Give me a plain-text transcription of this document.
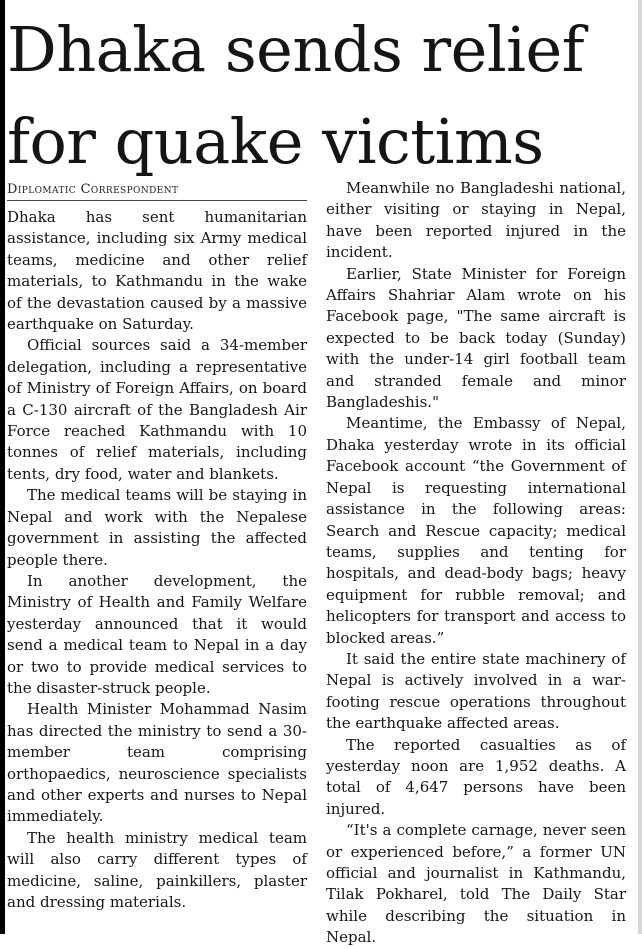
Dhaka sends relief for quake victims
Diplomatic Correspondent

Dhaka has sent humanitarian assistance, including six Army medical teams, medicine and other relief materials, to Kathmandu in the wake of the devastation caused by a massive earthquake on Saturday.

Official sources said a 34-member delegation, including a representative of Ministry of Foreign Affairs, on board a C-130 aircraft of the Bangladesh Air Force reached Kathmandu with 10 tonnes of relief materials, including tents, dry food, water and blankets.

The medical teams will be staying in Nepal and work with the Nepalese government in assisting the affected people there.

In another development, the Ministry of Health and Family Welfare yesterday announced that it would send a medical team to Nepal in a day or two to provide medical services to the disaster-struck people.

Health Minister Mohammad Nasim has directed the ministry to send a 30-member team comprising orthopaedics, neuroscience specialists and other experts and nurses to Nepal immediately.

The health ministry medical team will also carry different types of medicine, saline, painkillers, plaster and dressing materials.

Meanwhile no Bangladeshi national, either visiting or staying in Nepal, have been reported injured in the incident.

Earlier, State Minister for Foreign Affairs Shahriar Alam wrote on his Facebook page, "The same aircraft is expected to be back today (Sunday) with the under-14 girl football team and stranded female and minor Bangladeshis."

Meantime, the Embassy of Nepal, Dhaka yesterday wrote in its official Facebook account “the Government of Nepal is requesting international assistance in the following areas: Search and Rescue capacity; medical teams, supplies and tenting for hospitals, and dead-body bags; heavy equipment for rubble removal; and helicopters for transport and access to blocked areas.”

It said the entire state machinery of Nepal is actively involved in a war-footing rescue operations throughout the earthquake affected areas.

The reported casualties as of yesterday noon are 1,952 deaths. A total of 4,647 persons have been injured.

“It's a complete carnage, never seen or experienced before,” a former UN official and journalist in Kathmandu, Tilak Pokharel, told The Daily Star while describing the situation in Nepal.
